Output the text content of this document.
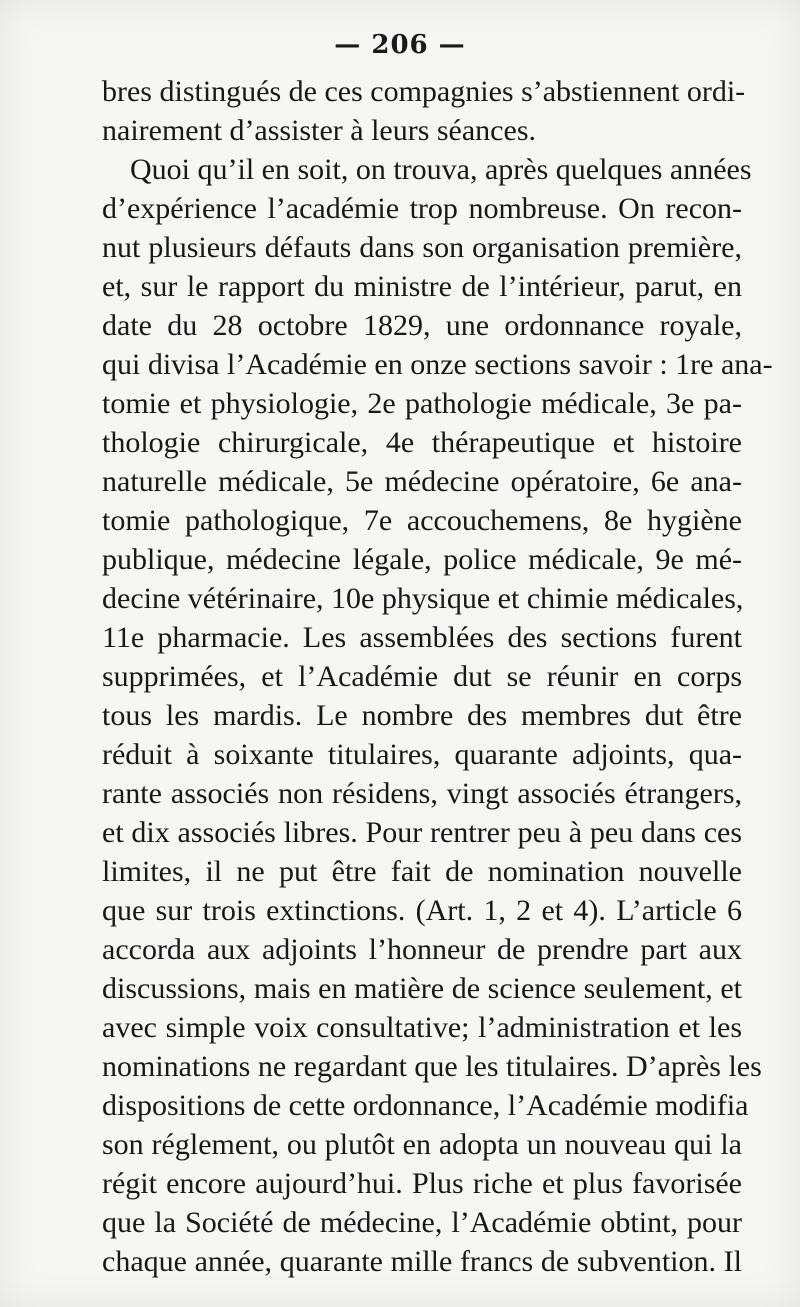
— 206 —
bres distingués de ces compagnies s’abstiennent ordi-
nairement d’assister à leurs séances.
Quoi qu’il en soit, on trouva, après quelques années
d’expérience l’académie trop nombreuse. On recon-
nut plusieurs défauts dans son organisation première,
et, sur le rapport du ministre de l’intérieur, parut, en
date du 28 octobre 1829, une ordonnance royale,
qui divisa l’Académie en onze sections savoir : 1re ana-
tomie et physiologie, 2e pathologie médicale, 3e pa-
thologie chirurgicale, 4e thérapeutique et histoire
naturelle médicale, 5e médecine opératoire, 6e ana-
tomie pathologique, 7e accouchemens, 8e hygiène
publique, médecine légale, police médicale, 9e mé-
decine vétérinaire, 10e physique et chimie médicales,
11e pharmacie. Les assemblées des sections furent
supprimées, et l’Académie dut se réunir en corps
tous les mardis. Le nombre des membres dut être
réduit à soixante titulaires, quarante adjoints, qua-
rante associés non résidens, vingt associés étrangers,
et dix associés libres. Pour rentrer peu à peu dans ces
limites, il ne put être fait de nomination nouvelle
que sur trois extinctions. (Art. 1, 2 et 4). L’article 6
accorda aux adjoints l’honneur de prendre part aux
discussions, mais en matière de science seulement, et
avec simple voix consultative; l’administration et les
nominations ne regardant que les titulaires. D’après les
dispositions de cette ordonnance, l’Académie modifia
son réglement, ou plutôt en adopta un nouveau qui la
régit encore aujourd’hui. Plus riche et plus favorisée
que la Société de médecine, l’Académie obtint, pour
chaque année, quarante mille francs de subvention. Il
